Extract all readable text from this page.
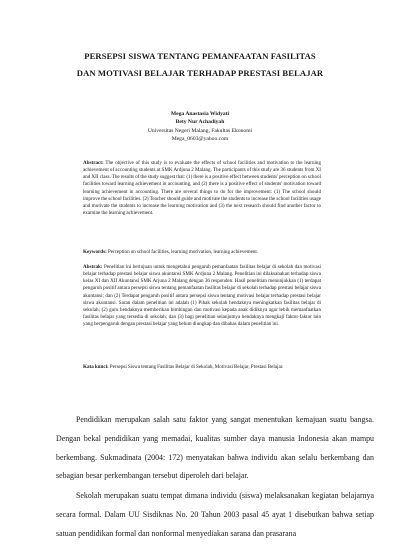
PERSEPSI SISWA TENTANG PEMANFAATAN FASILITAS
DAN MOTIVASI BELAJAR TERHADAP PRESTASI BELAJAR
Mega Anastasia Widyati
Bety Nur Achadiyah
Universitas Negeri Malang, Fakultas Ekonomi
Mega_0603@yahoo.com
Abstract: The objective of this study is to evaluate the effects of school facilities and motivation to the learning achievement of accounting students at SMK Ardjuna 2 Malang. The participants of this study are 36 students from XI and XII class. The results of the study suggest that: (1) there is a positive effect between students' perception on school facilities toward learning achievement in accounting, and (2) there is a positive effect of students' motivation toward learning achievement in accounting. There are several things to do for the improvement: (1) The school should improve the school facilities. (2) Teacher should guide and motivate the students to increase the school facilities usage and motivate the students to increase the learning motivation and (3) the next research should find another factor to examine the learning achievement.
Keywords: Perception on school facilities, learning motivation, learning achievement.
Abstrak: Penelitian ini bertujuan untuk mengetahui pengaruh pemanfaatan fasilitas belajar di sekolah dan motivasi belajar terhadap prestasi belajar siswa akuntansi SMK Ardjuna 2 Malang. Penelitian ini dilaksanakan terhadap siswa kelas XI dan XII Akuntansi SMK Arjuna 2 Malang dengan 36 responden. Hasil penelitian menunjukkan (1) terdapat pengaruh positif antara persepsi siswa tentang pemanfaatan fasilitas belajar di sekolah terhadap prestasi belajar siswa akuntansi; dan (2) Terdapat pengaruh positif antara persepsi siswa tentang motivasi belajar terhadap prestasi belajar siswa akuntansi. Saran dalam penelitian ini adalah (1) Pihak sekolah hendaknya meningkatkan fasilitas belajar di sekolah; (2) guru hendaknya memberikan bimbingan dan motivasi kepada anak didiknya agar lebih memanfaatkan fasilitas belajar yang tersedia di sekolah; dan (3) bagi penelitian selanjutnya hendaknya mengkaji faktor-faktor lain yang berpengaruh dengan prestasi belajar yang belum diungkap dan dibahas dalam penelitian ini.
Kata kunci: Persepsi Siswa tentang Fasilitas Belajar di Sekolah, Motivasi Belajar, Prestasi Belajar.
Pendidikan merupakan salah satu faktor yang sangat menentukan kemajuan suatu bangsa. Dengan bekal pendidikan yang memadai, kualitas sumber daya manusia Indonesia akan mampu berkembang. Sukmadinata (2004: 172) menyatakan bahwa individu akan selalu berkembang dan sebagian besar perkembangan tersebut diperoleh dari belajar.
Sekolah merupakan suatu tempat dimana individu (siswa) melaksanakan kegiatan belajarnya secara formal. Dalam UU Sisdiknas No. 20 Tahun 2003 pasal 45 ayat 1 disebutkan bahwa setiap satuan pendidikan formal dan nonformal menyediakan sarana dan prasarana
